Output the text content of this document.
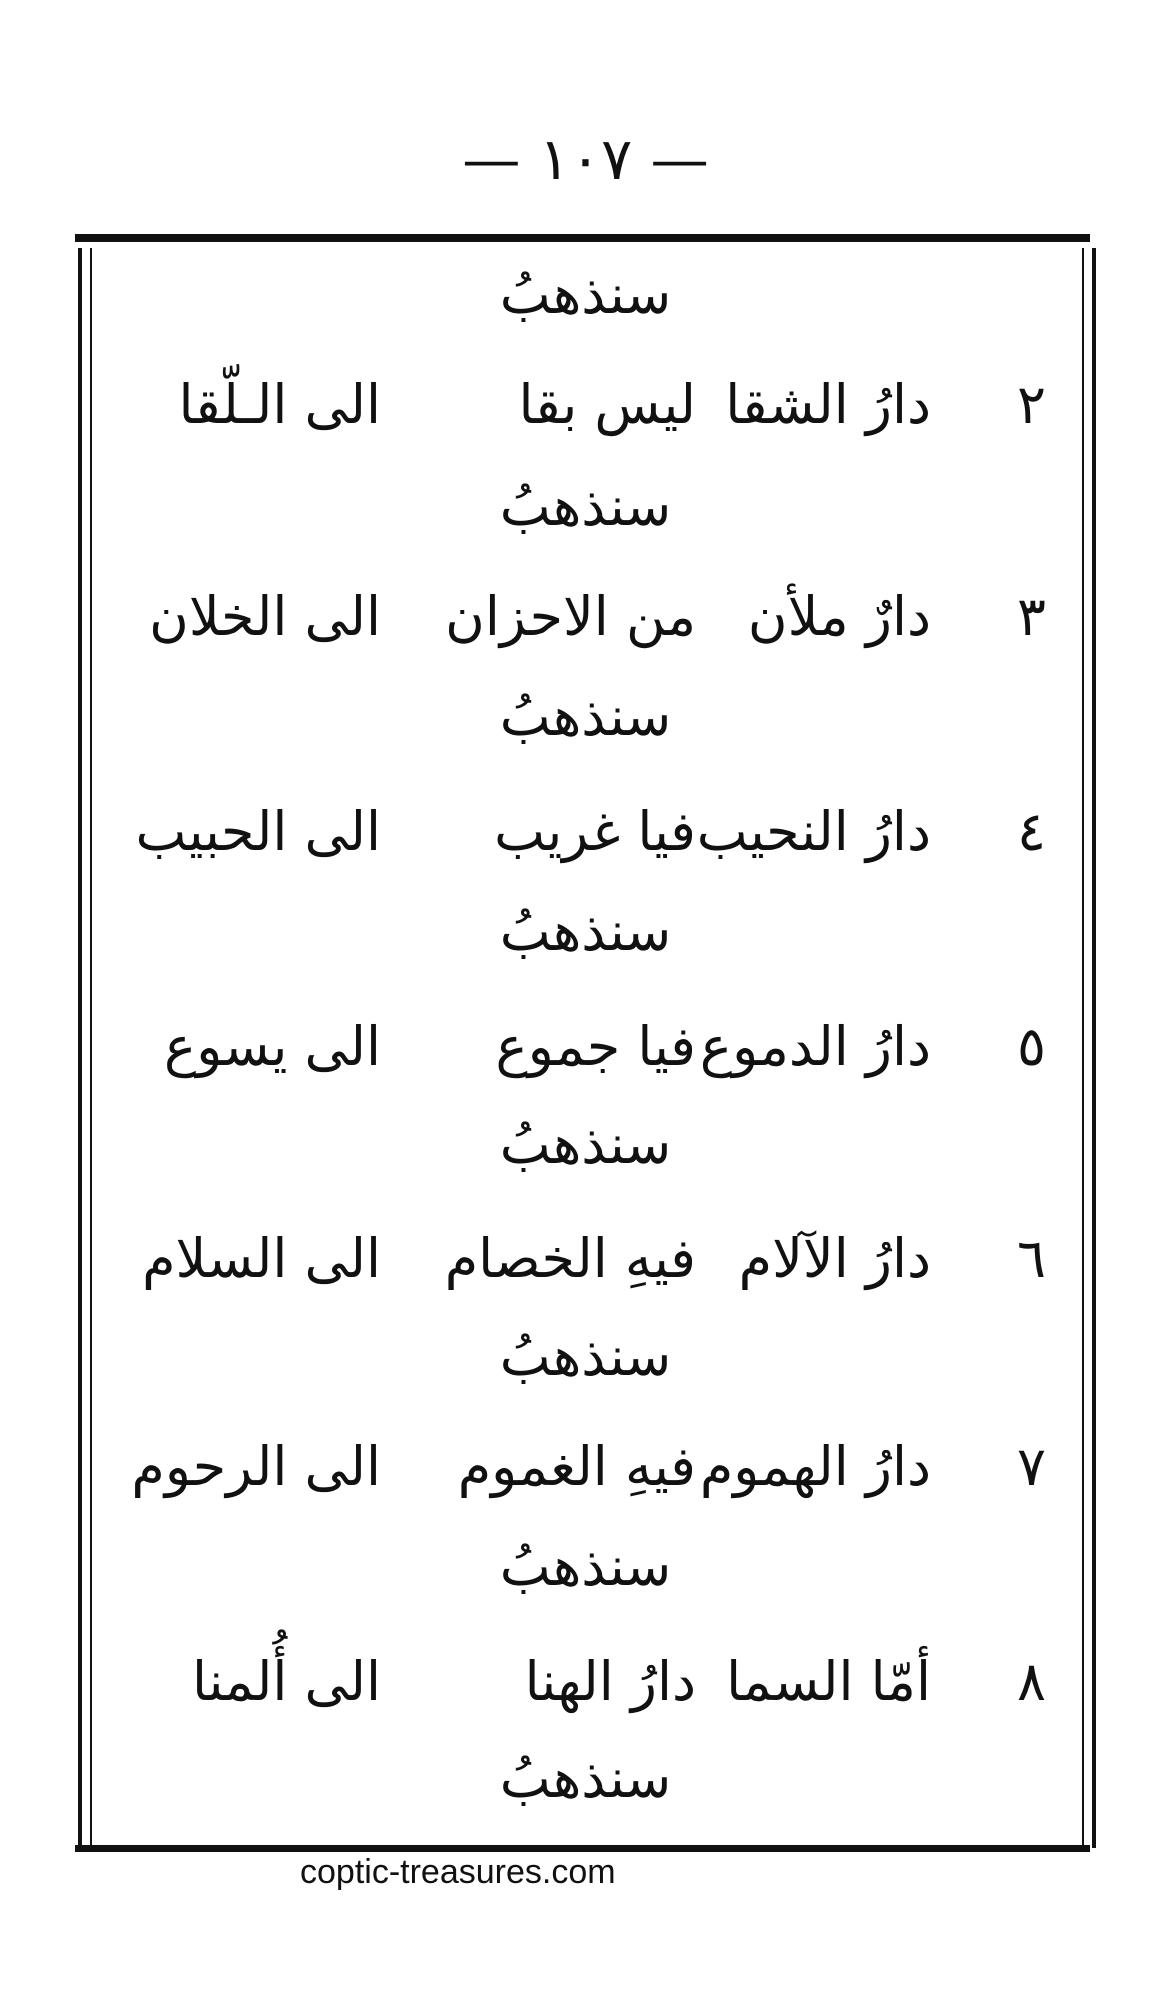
— ١٠٧ —
سنذهبُ
٢
دارُ الشقا
ليس بقا
الى الـلّقا
سنذهبُ
٣
دارٌ ملأن
من الاحزان
الى الخلان
سنذهبُ
٤
دارُ النحيب
فيا غريب
الى الحبيب
سنذهبُ
٥
دارُ الدموع
فيا جموع
الى يسوع
سنذهبُ
٦
دارُ الآلام
فيهِ الخصام
الى السلام
سنذهبُ
٧
دارُ الهموم
فيهِ الغموم
الى الرحوم
سنذهبُ
٨
أمّا السما
دارُ الهنا
الى أُلمنا
سنذهبُ
coptic-treasures.com
